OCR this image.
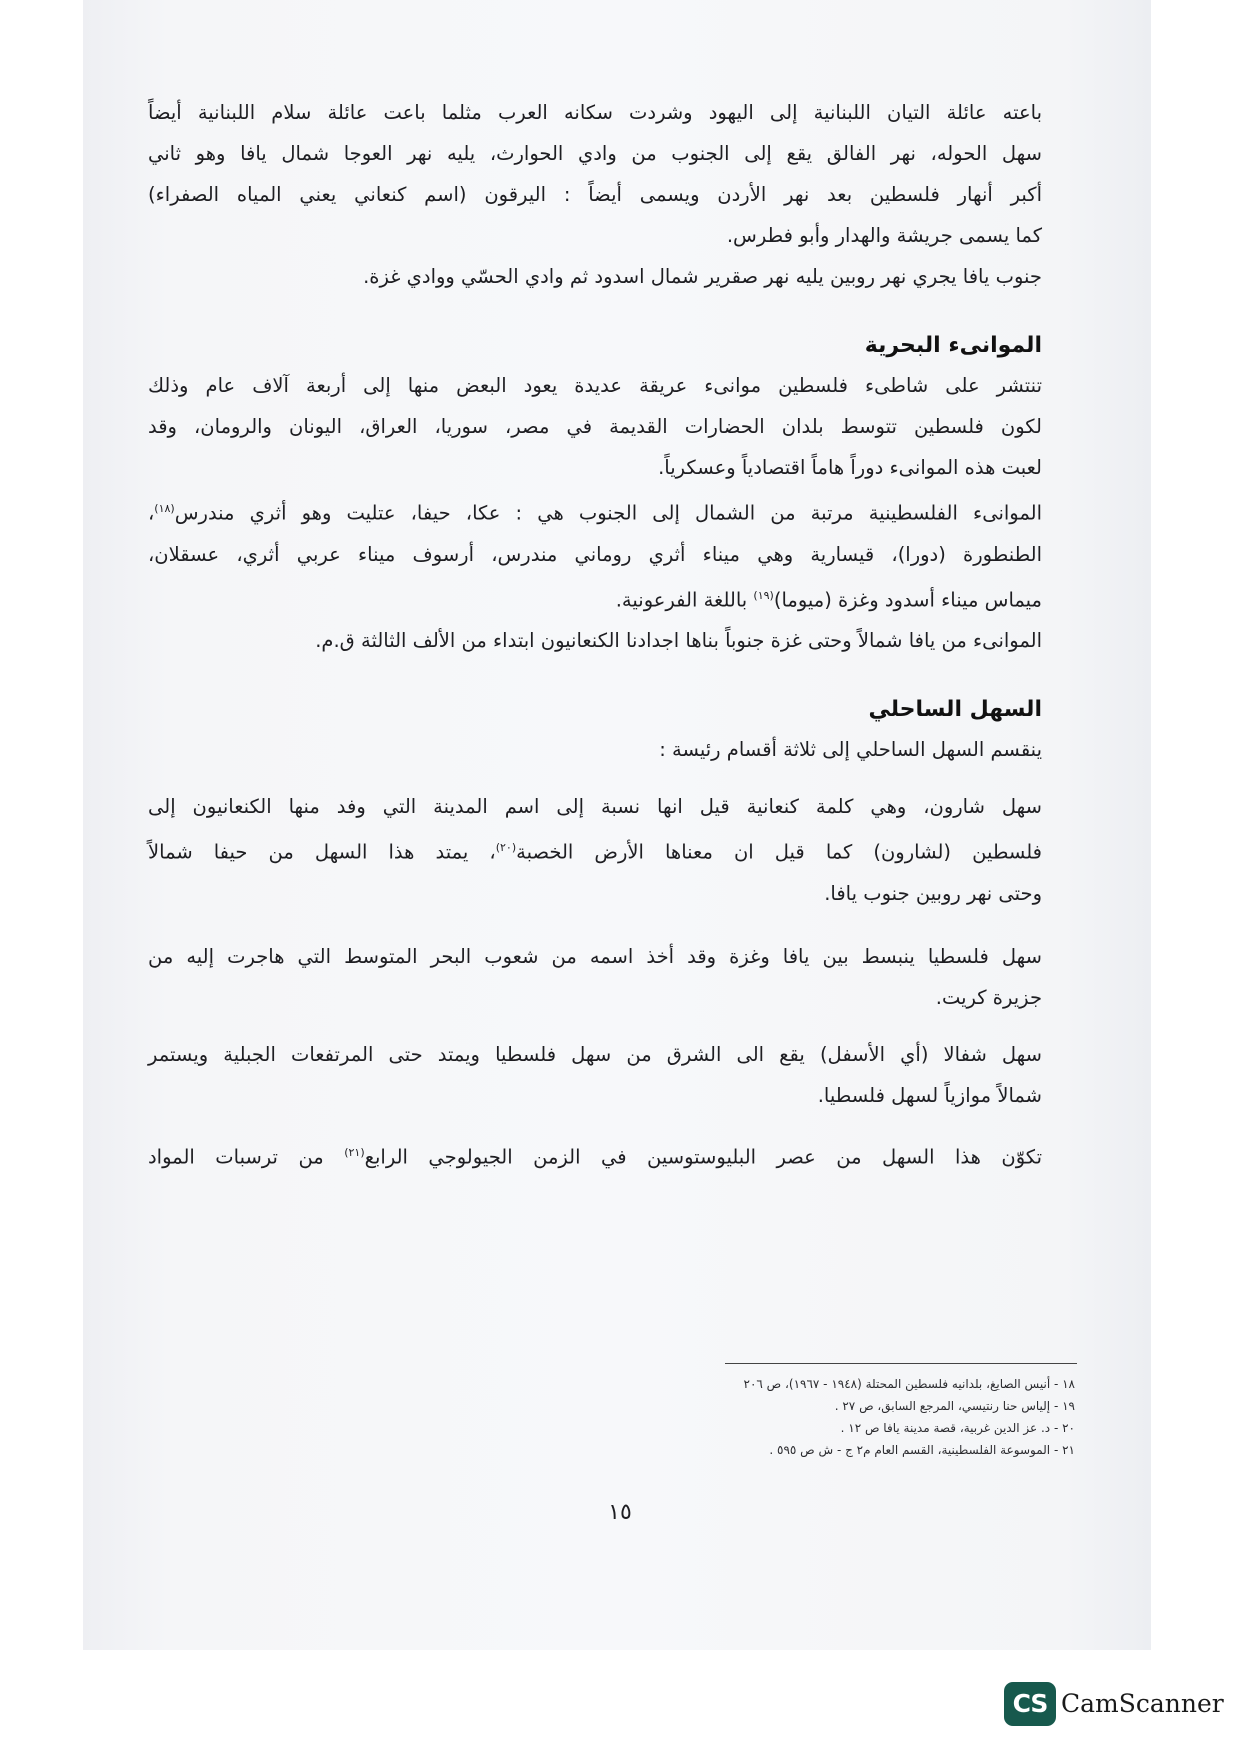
باعته عائلة التيان اللبنانية إلى اليهود وشردت سكانه العرب مثلما باعت عائلة سلام اللبنانية أيضاً
سهل الحوله، نهر الفالق يقع إلى الجنوب من وادي الحوارث، يليه نهر العوجا شمال يافا وهو ثاني
أكبر أنهار فلسطين بعد نهر الأردن ويسمى أيضاً : اليرقون (اسم كنعاني يعني المياه الصفراء)
كما يسمى جريشة والهدار وأبو فطرس.
جنوب يافا يجري نهر روبين يليه نهر صقرير شمال اسدود ثم وادي الحسّي ووادي غزة.
الموانىء البحرية
تنتشر على شاطىء فلسطين موانىء عريقة عديدة يعود البعض منها إلى أربعة آلاف عام وذلك
لكون فلسطين تتوسط بلدان الحضارات القديمة في مصر، سوريا، العراق، اليونان والرومان، وقد
لعبت هذه الموانىء دوراً هاماً اقتصادياً وعسكرياً.
الموانىء الفلسطينية مرتبة من الشمال إلى الجنوب هي : عكا، حيفا، عتليت وهو أثري مندرس$^{(١٨)}$،
الطنطورة (دورا)، قيسارية وهي ميناء أثري روماني مندرس، أرسوف ميناء عربي أثري، عسقلان،
ميماس ميناء أسدود وغزة (ميوما)$^{(١٩)}$ باللغة الفرعونية.
الموانىء من يافا شمالاً وحتى غزة جنوباً بناها اجدادنا الكنعانيون ابتداء من الألف الثالثة ق.م.
السهل الساحلي
ينقسم السهل الساحلي إلى ثلاثة أقسام رئيسة :
سهل شارون، وهي كلمة كنعانية قيل انها نسبة إلى اسم المدينة التي وفد منها الكنعانيون إلى
فلسطين (لشارون) كما قيل ان معناها الأرض الخصبة$^{(٢٠)}$، يمتد هذا السهل من حيفا شمالاً
وحتى نهر روبين جنوب يافا.
سهل فلسطيا ينبسط بين يافا وغزة وقد أخذ اسمه من شعوب البحر المتوسط التي هاجرت إليه من
جزيرة كريت.
سهل شفالا (أي الأسفل) يقع الى الشرق من سهل فلسطيا ويمتد حتى المرتفعات الجبلية ويستمر
شمالاً موازياً لسهل فلسطيا.
تكوّن هذا السهل من عصر البليوستوسين في الزمن الجيولوجي الرابع$^{(٢١)}$ من ترسبات المواد
١٨ - أنيس الصايغ، بلدانيه فلسطين المحتلة (١٩٤٨ - ١٩٦٧)، ص ٢٠٦
١٩ - إلياس حنا رنتيسي، المرجع السابق، ص ٢٧ .
٢٠ - د. عز الدين غربية، قصة مدينة يافا ص ١٢ .
٢١ - الموسوعة الفلسطينية، القسم العام م٢ ج - ش ص ٥٩٥ .
١٥
CS CamScanner
